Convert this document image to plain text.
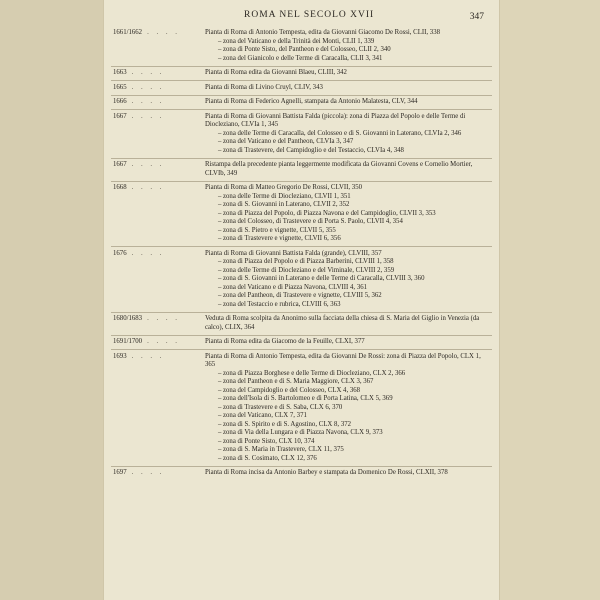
ROMA NEL SECOLO XVII	347
1661/1662 . . . .	Pianta di Roma di Antonio Tempesta, edita da Giovanni Giacomo De Rossi, CLII, 338
– zona del Vaticano e della Trinità dei Monti, CLII 1, 339
– zona di Ponte Sisto, del Pantheon e del Colosseo, CLII 2, 340
– zona del Gianicolo e delle Terme di Caracalla, CLII 3, 341
1663 . . . .	Pianta di Roma edita da Giovanni Blaeu, CLIII, 342
1665 . . . .	Pianta di Roma di Livino Cruyl, CLIV, 343
1666 . . . .	Pianta di Roma di Federico Agnelli, stampata da Antonio Malatesta, CLV, 344
1667 . . . .	Pianta di Roma di Giovanni Battista Falda (piccola): zona di Piazza del Popolo e delle Terme di Diocleziano, CLVIa 1, 345
– zona delle Terme di Caracalla, del Colosseo e di S. Giovanni in Laterano, CLVIa 2, 346
– zona del Vaticano e del Pantheon, CLVIa 3, 347
– zona di Trastevere, del Campidoglio e del Testaccio, CLVIa 4, 348
1667 . . . .	Ristampa della precedente pianta leggermente modificata da Giovanni Covens e Cornelio Mortier, CLVIb, 349
1668 . . . .	Pianta di Roma di Matteo Gregorio De Rossi, CLVII, 350
– zona delle Terme di Diocleziano, CLVII 1, 351
– zona di S. Giovanni in Laterano, CLVII 2, 352
– zona di Piazza del Popolo, di Piazza Navona e del Campidoglio, CLVII 3, 353
– zona del Colosseo, di Trastevere e di Porta S. Paolo, CLVII 4, 354
– zona di S. Pietro e vignette, CLVII 5, 355
– zona di Trastevere e vignette, CLVII 6, 356
1676 . . . .	Pianta di Roma di Giovanni Battista Falda (grande), CLVIII, 357
– zona di Piazza del Popolo e di Piazza Barberini, CLVIII 1, 358
– zona delle Terme di Diocleziano e del Viminale, CLVIII 2, 359
– zona di S. Giovanni in Laterano e delle Terme di Caracalla, CLVIII 3, 360
– zona del Vaticano e di Piazza Navona, CLVIII 4, 361
– zona del Pantheon, di Trastevere e vignette, CLVIII 5, 362
– zona del Testaccio e rubrica, CLVIII 6, 363
1680/1683 . . . .	Veduta di Roma scolpita da Anonimo sulla facciata della chiesa di S. Maria del Giglio in Venezia (da calco), CLIX, 364
1691/1700 . . . .	Pianta di Roma edita da Giacomo de la Feuille, CLXI, 377
1693 . . . .	Pianta di Roma di Antonio Tempesta, edita da Giovanni De Rossi: zona di Piazza del Popolo, CLX 1, 365
– zona di Piazza Borghese e delle Terme di Diocleziano, CLX 2, 366
– zona del Pantheon e di S. Maria Maggiore, CLX 3, 367
– zona del Campidoglio e del Colosseo, CLX 4, 368
– zona dell'Isola di S. Bartolomeo e di Porta Latina, CLX 5, 369
– zona di Trastevere e di S. Saba, CLX 6, 370
– zona del Vaticano, CLX 7, 371
– zona di S. Spirito e di S. Agostino, CLX 8, 372
– zona di Via della Lungara e di Piazza Navona, CLX 9, 373
– zona di Ponte Sisto, CLX 10, 374
– zona di S. Maria in Trastevere, CLX 11, 375
– zona di S. Cosimato, CLX 12, 376
1697 . . . .	Pianta di Roma incisa da Antonio Barbey e stampata da Domenico De Rossi, CLXII, 378
